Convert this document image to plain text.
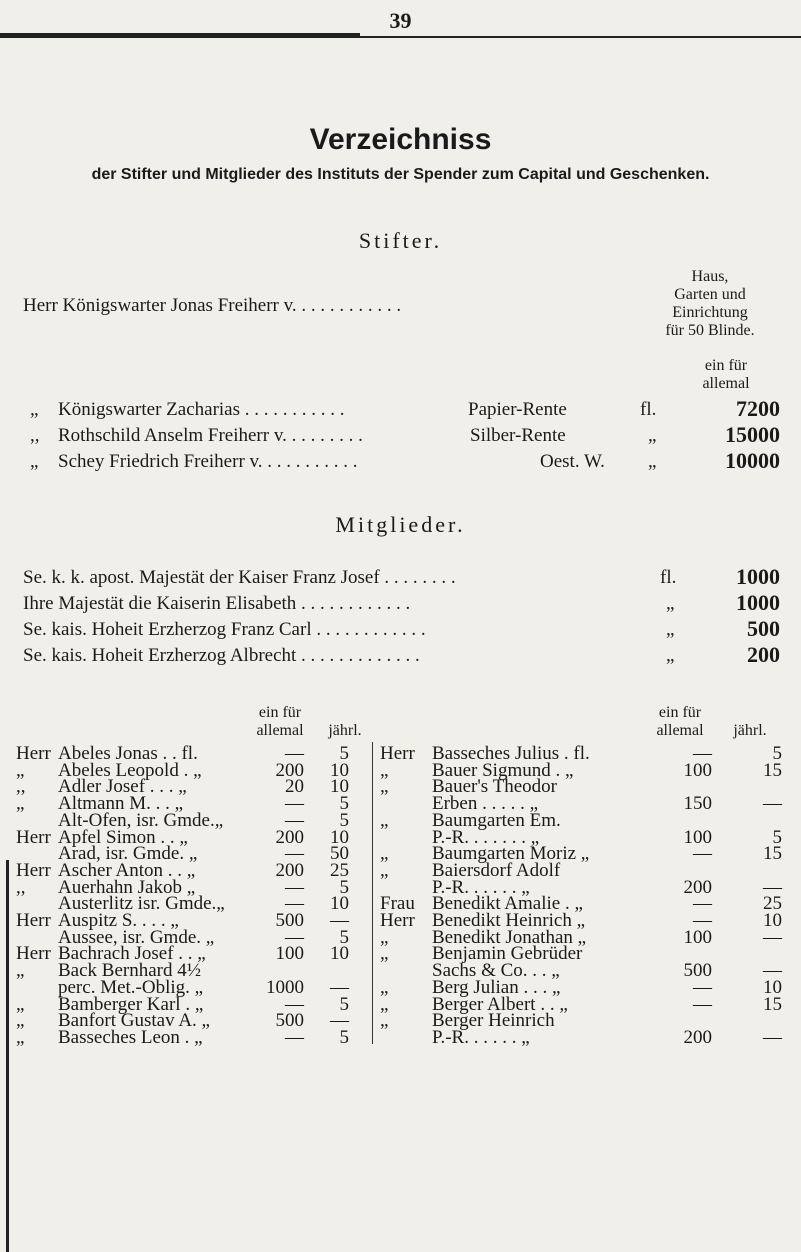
39
Verzeichniss
der Stifter und Mitglieder des Instituts der Spender zum Capital und Geschenken.
Stifter.
Herr Königswarter Jonas Freiherr v. . . . . . . . . . . .
Haus,
Garten und
Einrichtung
für 50 Blinde.
ein für
allemal
„ Königswarter Zacharias . . . . . . . . . . .	Papier-Rente	fl.	7200
,, Rothschild Anselm Freiherr v. . . . . . . . .	Silber-Rente	„	15000
„ Schey Friedrich Freiherr v. . . . . . . . . . .	Oest. W. „	10000
Mitglieder.
Se. k. k. apost. Majestät der Kaiser Franz Josef . . . . . . . .	fl.	1000
Ihre Majestät die Kaiserin Elisabeth . . . . . . . . . . . .	„	1000
Se. kais. Hoheit Erzherzog Franz Carl . . . . . . . . . . . .	„	500
Se. kais. Hoheit Erzherzog Albrecht . . . . . . . . . . . . .	„	200
ein für
allemal	jährl.
ein für
allemal	jährl.
Herr Abeles Jonas . . fl.	—	5
„ Abeles Leopold . „	200	10
,, Adler Josef . . . „	20	10
„ Altmann M. . . „	—	5
Alt-Ofen, isr. Gmde.„	—	5
Herr Apfel Simon . . „	200	10
Arad, isr. Gmde. „	—	50
Herr Ascher Anton . . „	200	25
,, Auerhahn Jakob „	—	5
Austerlitz isr. Gmde.„	—	10
Herr Auspitz S. . . . „	500	—
Aussee, isr. Gmde. „	—	5
Herr Bachrach Josef . . „	100	10
„ Back Bernhard 4½
perc. Met.-Oblig. „	1000	—
„ Bamberger Karl . „	—	5
„ Banfort Gustav A. „	500	—
„ Basseches Leon . „	—	5
Herr Basseches Julius . fl.	—	5
„ Bauer Sigmund . „	100	15
„ Bauer's Theodor
Erben . . . . . „	150	—
„ Baumgarten Em.
P.-R. . . . . . . „	100	5
„ Baumgarten Moriz „	—	15
„ Baiersdorf Adolf
P.-R. . . . . . „	200	—
Frau Benedikt Amalie . „	—	25
Herr Benedikt Heinrich „	—	10
„ Benedikt Jonathan „	100	—
„ Benjamin Gebrüder
Sachs & Co. . . „	500	—
„ Berg Julian . . . „	—	10
„ Berger Albert . . „	—	15
„ Berger Heinrich
P.-R. . . . . . „	200	—
